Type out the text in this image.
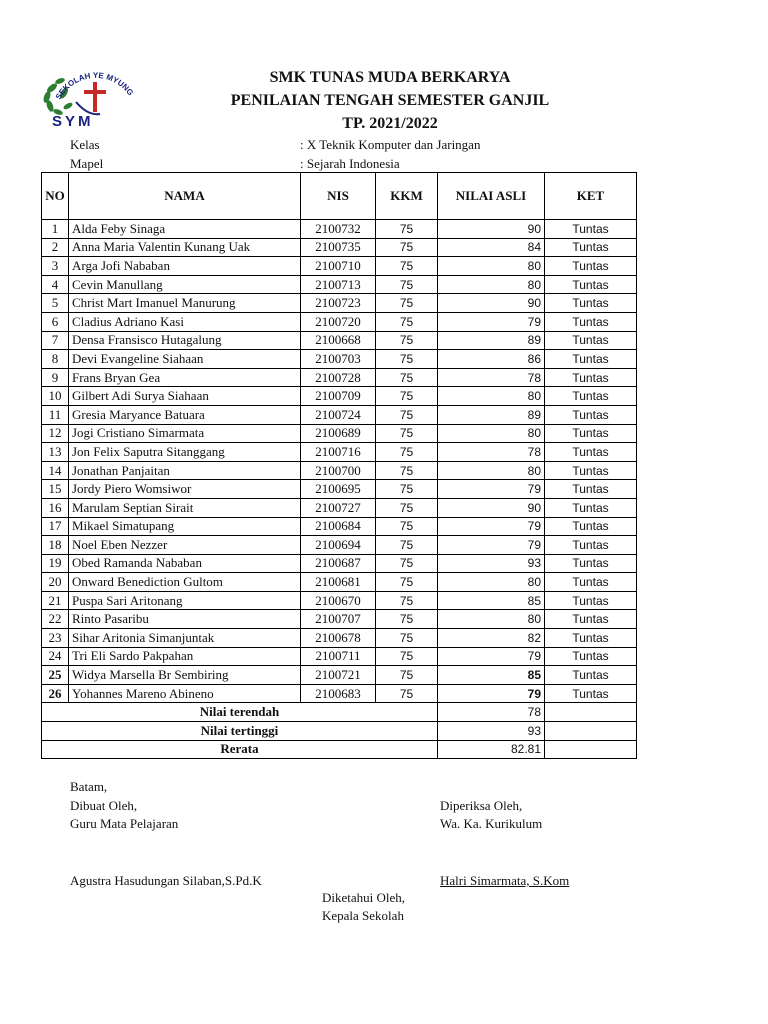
SEKOLAH YE MYUNG
SYM
SMK TUNAS MUDA BERKARYA
PENILAIAN TENGAH SEMESTER GANJIL
TP. 2021/2022
Kelas	: X Teknik Komputer dan Jaringan
Mapel	: Sejarah Indonesia
NO	NAMA	NIS	KKM	NILAI ASLI	KET
1	Alda Feby Sinaga	2100732	75	90	Tuntas
2	Anna Maria Valentin Kunang Uak	2100735	75	84	Tuntas
3	Arga Jofi Nababan	2100710	75	80	Tuntas
4	Cevin Manullang	2100713	75	80	Tuntas
5	Christ Mart Imanuel Manurung	2100723	75	90	Tuntas
6	Cladius Adriano Kasi	2100720	75	79	Tuntas
7	Densa Fransisco Hutagalung	2100668	75	89	Tuntas
8	Devi Evangeline Siahaan	2100703	75	86	Tuntas
9	Frans Bryan Gea	2100728	75	78	Tuntas
10	Gilbert Adi Surya Siahaan	2100709	75	80	Tuntas
11	Gresia Maryance Batuara	2100724	75	89	Tuntas
12	Jogi Cristiano Simarmata	2100689	75	80	Tuntas
13	Jon Felix Saputra Sitanggang	2100716	75	78	Tuntas
14	Jonathan Panjaitan	2100700	75	80	Tuntas
15	Jordy Piero Womsiwor	2100695	75	79	Tuntas
16	Marulam Septian Sirait	2100727	75	90	Tuntas
17	Mikael Simatupang	2100684	75	79	Tuntas
18	Noel Eben Nezzer	2100694	75	79	Tuntas
19	Obed Ramanda Nababan	2100687	75	93	Tuntas
20	Onward Benediction Gultom	2100681	75	80	Tuntas
21	Puspa Sari Aritonang	2100670	75	85	Tuntas
22	Rinto Pasaribu	2100707	75	80	Tuntas
23	Sihar Aritonia Simanjuntak	2100678	75	82	Tuntas
24	Tri Eli Sardo Pakpahan	2100711	75	79	Tuntas
25	Widya Marsella Br Sembiring	2100721	75	85	Tuntas
26	Yohannes Mareno Abineno	2100683	75	79	Tuntas
Nilai terendah				78	
Nilai tertinggi				93	
Rerata				82.81	
Batam,
Dibuat Oleh,
Guru Mata Pelajaran
Agustra Hasudungan Silaban,S.Pd.K
Diperiksa Oleh,
Wa. Ka. Kurikulum
Halri Simarmata, S.Kom
Diketahui Oleh,
Kepala Sekolah
